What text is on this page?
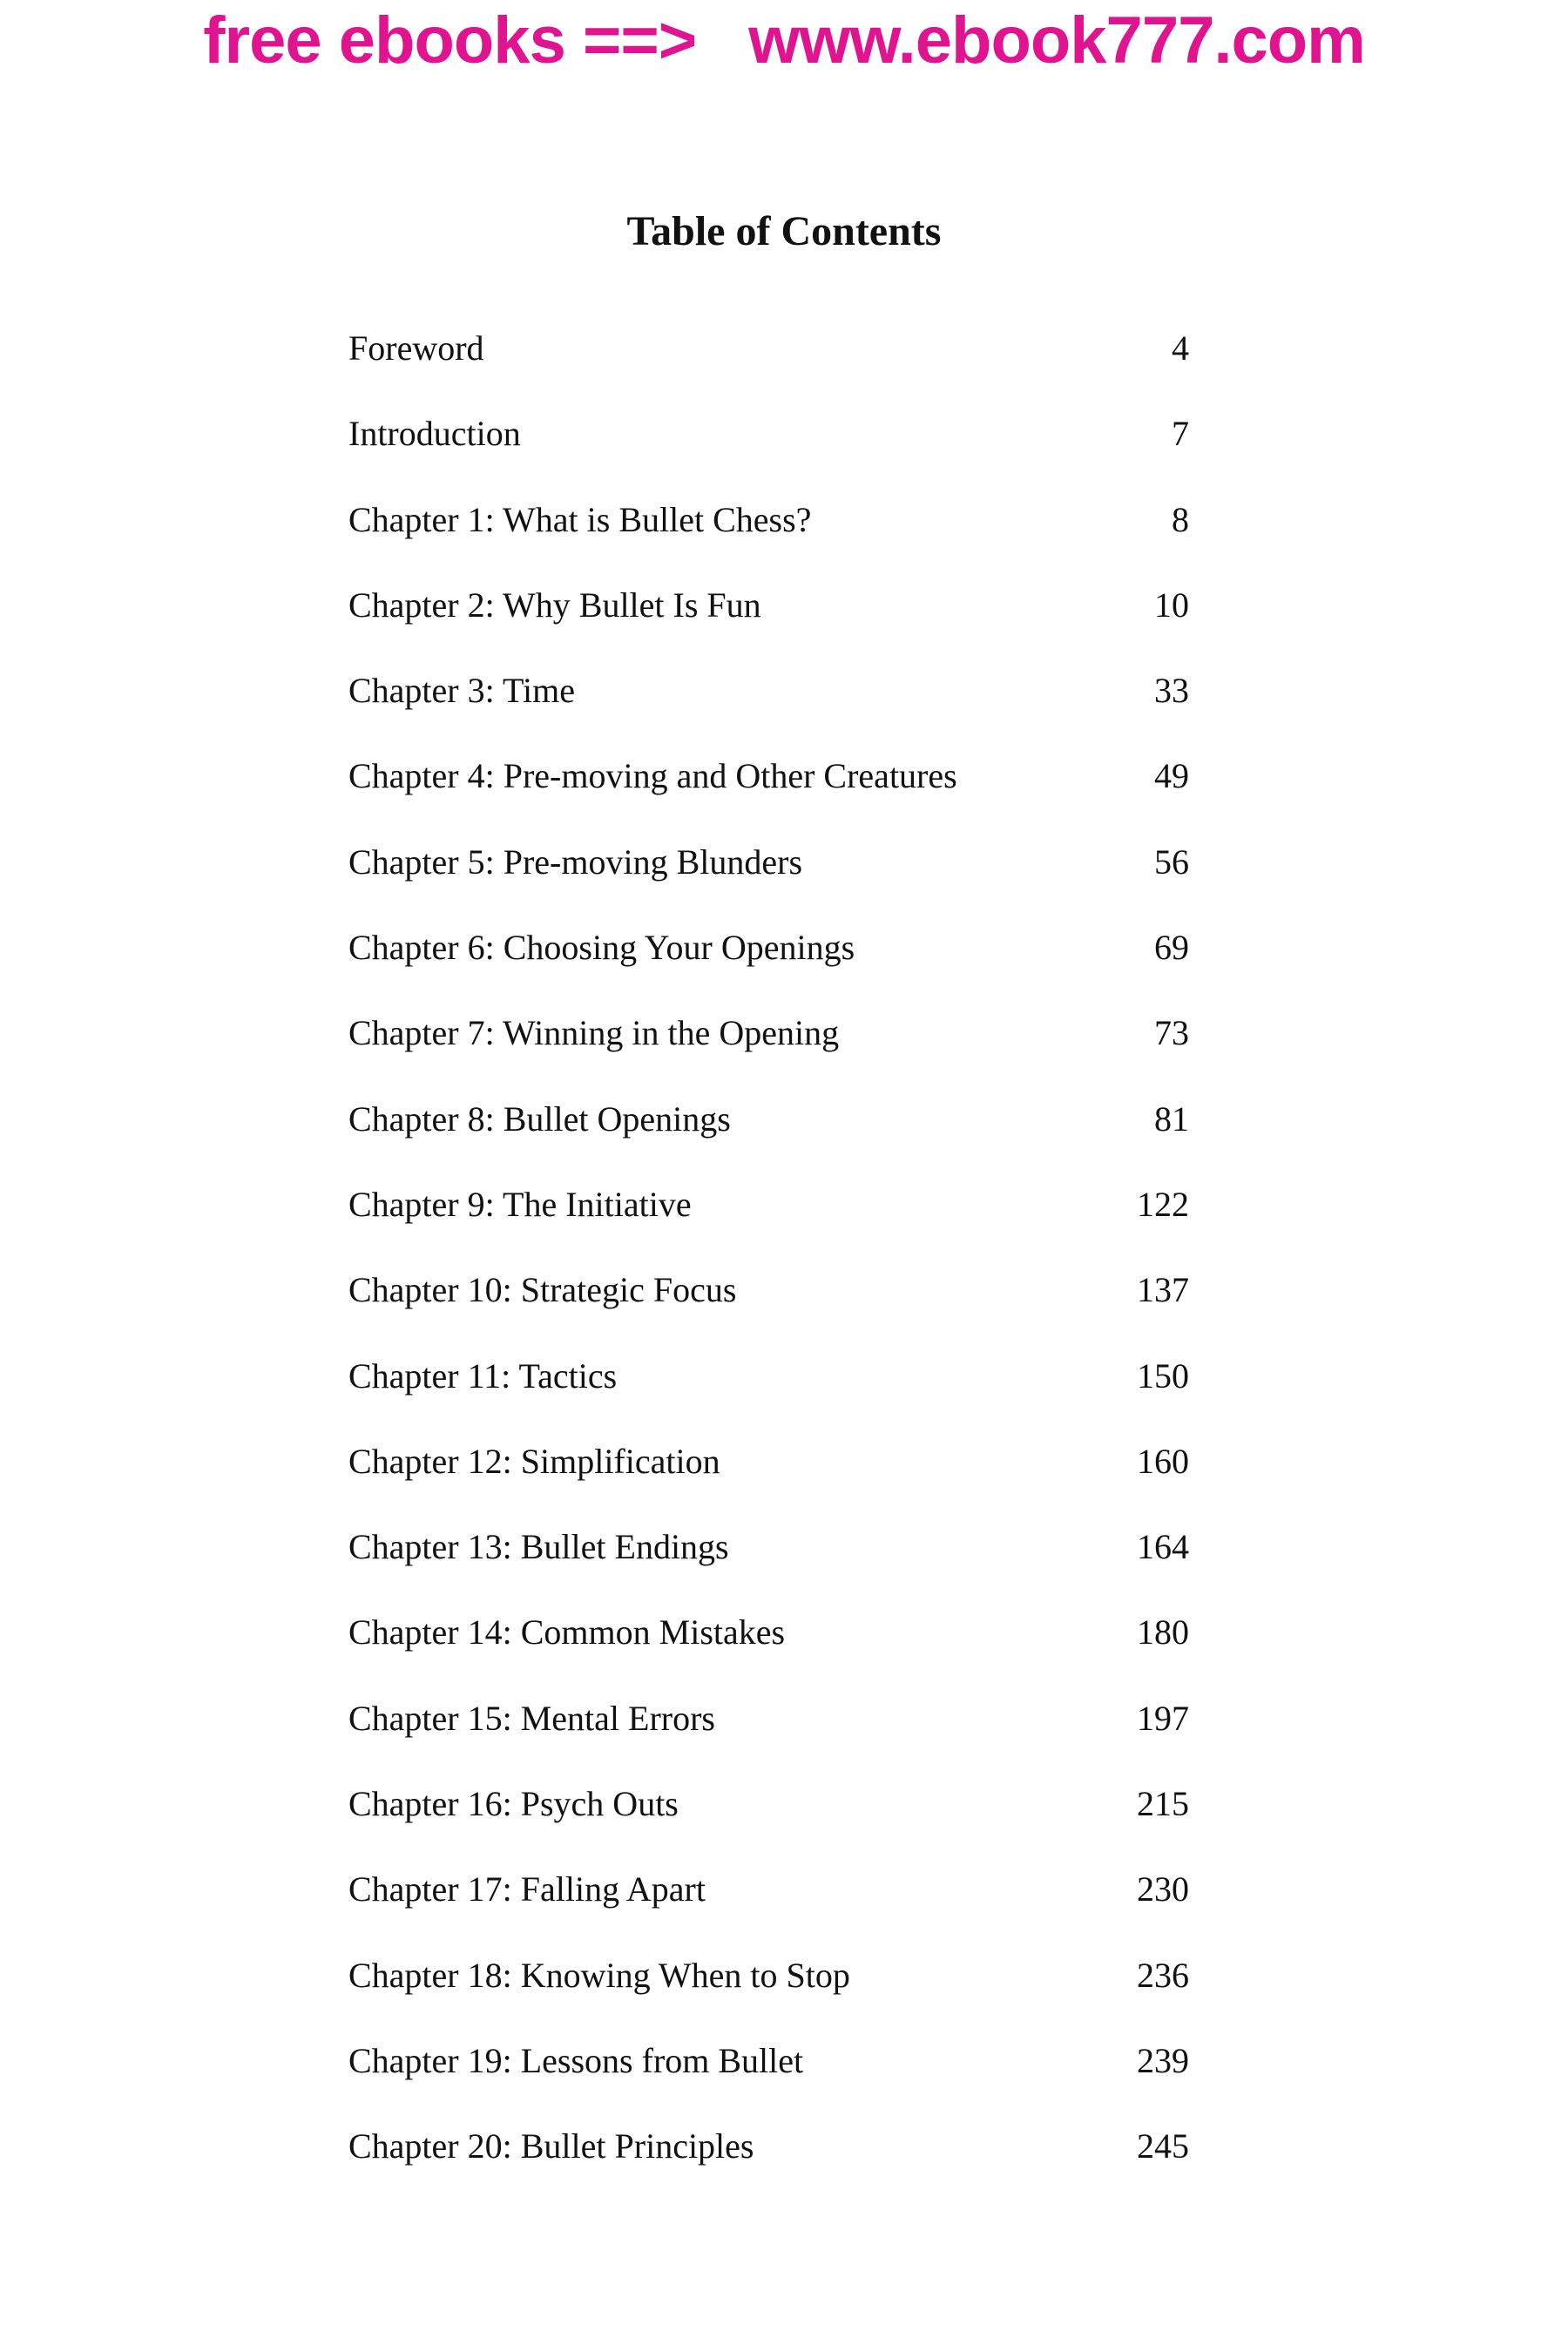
free ebooks ==> www.ebook777.com
Table of Contents
Foreword	4
Introduction	7
Chapter 1: What is Bullet Chess?	8
Chapter 2: Why Bullet Is Fun	10
Chapter 3: Time	33
Chapter 4: Pre-moving and Other Creatures	49
Chapter 5: Pre-moving Blunders	56
Chapter 6: Choosing Your Openings	69
Chapter 7: Winning in the Opening	73
Chapter 8: Bullet Openings	81
Chapter 9: The Initiative	122
Chapter 10: Strategic Focus	137
Chapter 11: Tactics	150
Chapter 12: Simplification	160
Chapter 13: Bullet Endings	164
Chapter 14: Common Mistakes	180
Chapter 15: Mental Errors	197
Chapter 16: Psych Outs	215
Chapter 17: Falling Apart	230
Chapter 18: Knowing When to Stop	236
Chapter 19: Lessons from Bullet	239
Chapter 20: Bullet Principles	245
